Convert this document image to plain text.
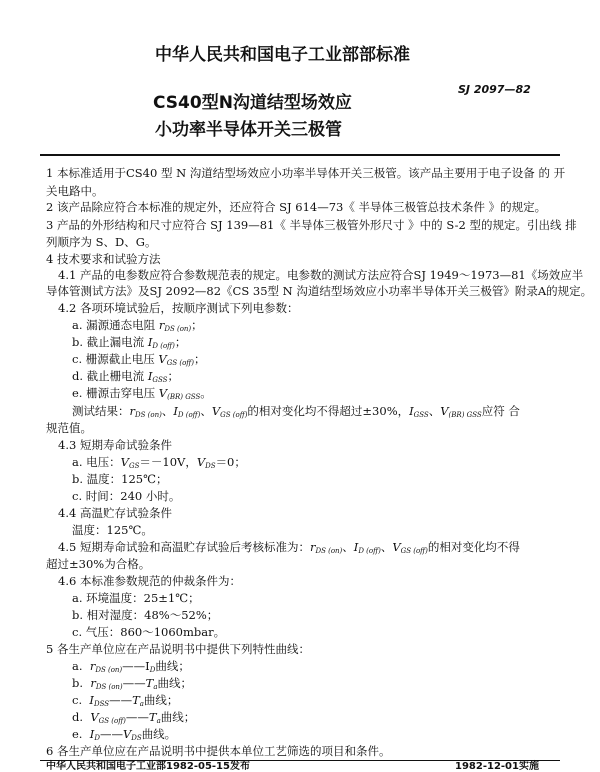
中华人民共和国电子工业部部标准
SJ 2097—82
CS40型N沟道结型场效应
小功率半导体开关三极管
1 本标准适用于CS40 型 N 沟道结型场效应小功率半导体开关三极管。该产品主要用于电子设备 的 开
关电路中。
2 该产品除应符合本标准的规定外，还应符合 SJ 614—73《 半导体三极管总技术条件 》的规定。
3 产品的外形结构和尺寸应符合 SJ 139—81《 半导体三极管外形尺寸 》中的 S-2 型的规定。引出线 排
列顺序为 S、D、G。
4 技术要求和试验方法
4.1 产品的电参数应符合参数规范表的规定。电参数的测试方法应符合SJ 1949～1973—81《场效应半
导体管测试方法》及SJ 2092—82《CS 35型 N 沟道结型场效应小功率半导体开关三极管》附录A的规定。
4.2 各项环境试验后，按顺序测试下列电参数：
a. 漏源通态电阻 $r_{DS (on)}$；
b. 截止漏电流 $I_{D (off)}$；
c. 栅源截止电压 $V_{GS (off)}$；
d. 截止栅电流 $I_{GSS}$；
e. 栅源击穿电压 $V_{(BR) GSS}$。
测试结果：$r_{DS (on)}$、$I_{D (off)}$、$V_{GS (off)}$的相对变化均不得超过±30%，$I_{GSS}$、$V_{(BR) GSS}$应符 合
规范值。
4.3 短期寿命试验条件
a. 电压：$V_{GS}=-10V$，$V_{DS}=0$；
b. 温度：125℃；
c. 时间：240 小时。
4.4 高温贮存试验条件
温度：125℃。
4.5 短期寿命试验和高温贮存试验后考核标准为：$r_{DS (on)}$、$I_{D (off)}$、$V_{GS (off)}$的相对变化均不得
超过±30%为合格。
4.6 本标准参数规范的仲裁条件为：
a. 环境温度：25±1℃；
b. 相对湿度：48%～52%；
c. 气压：860～1060mbar。
5 各生产单位应在产品说明书中提供下列特性曲线：
a. $r_{DS (on)}——I_D$曲线；
b. $r_{DS (on)}——T_a$曲线；
c. $I_{DSS}——T_a$曲线；
d. $V_{GS (off)}——T_a$曲线；
e. $I_D——V_{DS}$曲线。
6 各生产单位应在产品说明书中提供本单位工艺筛选的项目和条件。
中华人民共和国电子工业部1982-05-15发布	1982-12-01实施
